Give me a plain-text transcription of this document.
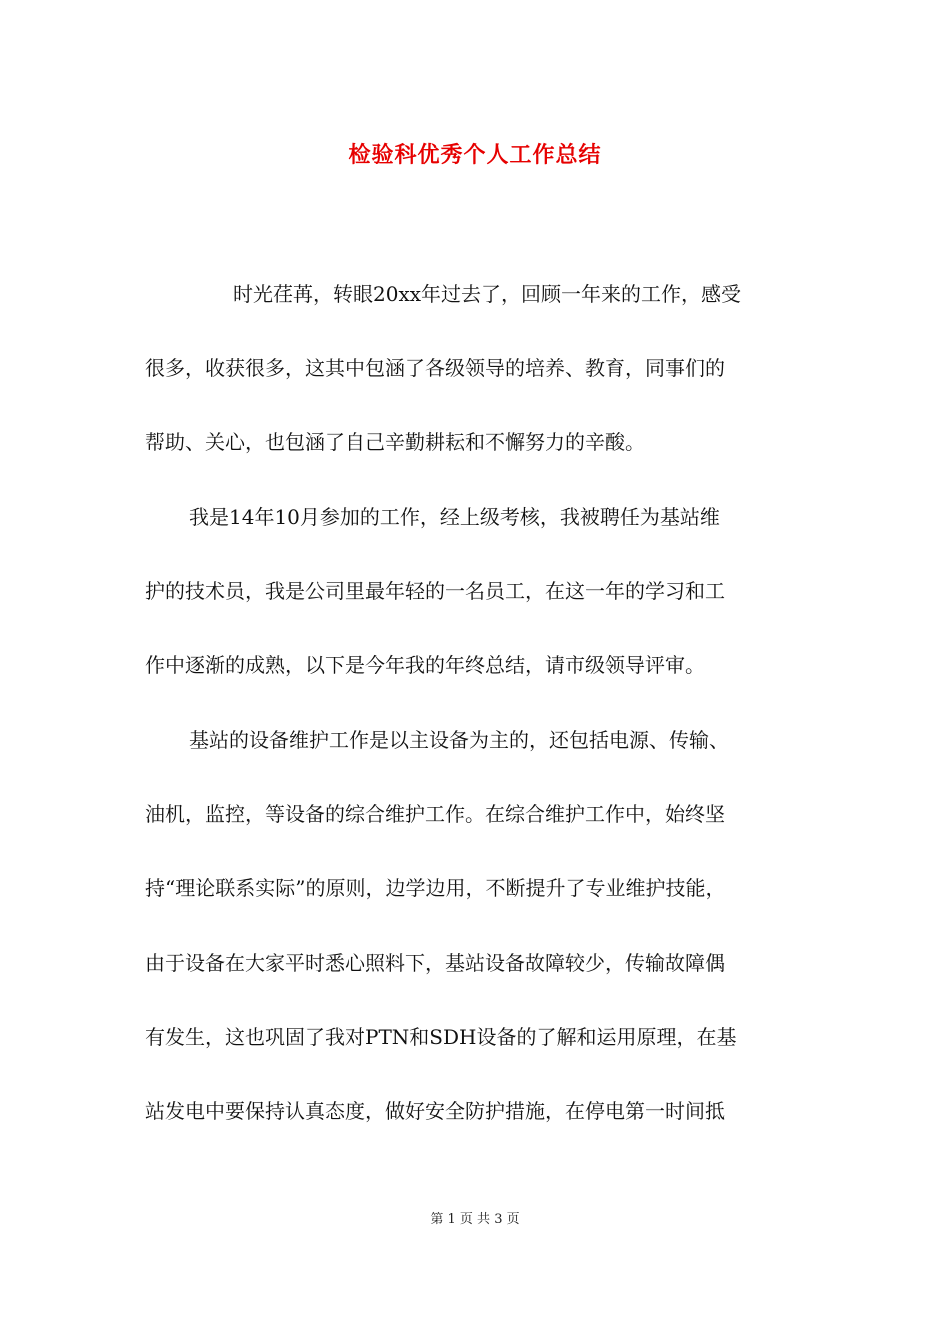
检验科优秀个人工作总结
时光荏苒，转眼20xx年过去了，回顾一年来的工作，感受
很多，收获很多，这其中包涵了各级领导的培养、教育，同事们的
帮助、关心，也包涵了自己辛勤耕耘和不懈努力的辛酸。
我是14年10月参加的工作，经上级考核，我被聘任为基站维
护的技术员，我是公司里最年轻的一名员工，在这一年的学习和工
作中逐渐的成熟，以下是今年我的年终总结，请市级领导评审。
基站的设备维护工作是以主设备为主的，还包括电源、传输、
油机，监控，等设备的综合维护工作。在综合维护工作中，始终坚
持“理论联系实际”的原则，边学边用，不断提升了专业维护技能，
由于设备在大家平时悉心照料下，基站设备故障较少，传输故障偶
有发生，这也巩固了我对PTN和SDH设备的了解和运用原理，在基
站发电中要保持认真态度，做好安全防护措施，在停电第一时间抵
第 1 页 共 3 页
